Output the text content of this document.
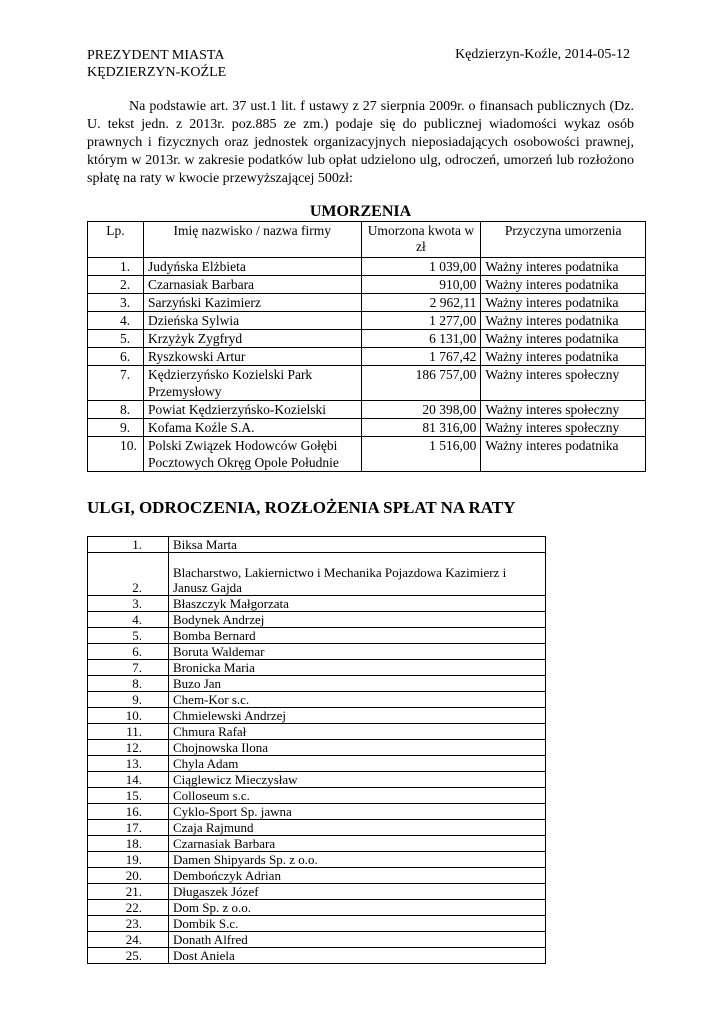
PREZYDENT MIASTA
KĘDZIERZYN-KOŹLE
Kędzierzyn-Koźle, 2014-05-12
Na podstawie art. 37 ust.1 lit. f ustawy z 27 sierpnia 2009r. o finansach publicznych (Dz. U. tekst jedn. z 2013r. poz.885 ze zm.) podaje się do publicznej wiadomości wykaz osób prawnych i fizycznych oraz jednostek organizacyjnych nieposiadających osobowości prawnej, którym w 2013r. w zakresie podatków lub opłat udzielono ulg, odroczeń, umorzeń lub rozłożono spłatę na raty w kwocie przewyższającej 500zł:
UMORZENIA
Lp.	Imię nazwisko / nazwa firmy	Umorzona kwota w zł	Przyczyna umorzenia
1.	Judyńska Elżbieta	1 039,00	Ważny interes podatnika
2.	Czarnasiak Barbara	910,00	Ważny interes podatnika
3.	Sarzyński Kazimierz	2 962,11	Ważny interes podatnika
4.	Dzieńska Sylwia	1 277,00	Ważny interes podatnika
5.	Krzyżyk Zygfryd	6 131,00	Ważny interes podatnika
6.	Ryszkowski Artur	1 767,42	Ważny interes podatnika
7.	Kędzierzyńsko Kozielski Park Przemysłowy	186 757,00	Ważny interes społeczny
8.	Powiat Kędzierzyńsko-Kozielski	20 398,00	Ważny interes społeczny
9.	Kofama Koźle S.A.	81 316,00	Ważny interes społeczny
10.	Polski Związek Hodowców Gołębi Pocztowych Okręg Opole Południe	1 516,00	Ważny interes podatnika
ULGI, ODROCZENIA, ROZŁOŻENIA SPŁAT NA RATY
1.	Biksa Marta
2.	Blacharstwo, Lakiernictwo i Mechanika Pojazdowa Kazimierz i Janusz Gajda
3.	Błaszczyk Małgorzata
4.	Bodynek Andrzej
5.	Bomba Bernard
6.	Boruta Waldemar
7.	Bronicka Maria
8.	Buzo Jan
9.	Chem-Kor s.c.
10.	Chmielewski Andrzej
11.	Chmura Rafał
12.	Chojnowska Ilona
13.	Chyla Adam
14.	Ciąglewicz Mieczysław
15.	Colloseum s.c.
16.	Cyklo-Sport Sp. jawna
17.	Czaja Rajmund
18.	Czarnasiak Barbara
19.	Damen Shipyards Sp. z o.o.
20.	Dembończyk Adrian
21.	Długaszek Józef
22.	Dom Sp. z o.o.
23.	Dombik S.c.
24.	Donath Alfred
25.	Dost Aniela
